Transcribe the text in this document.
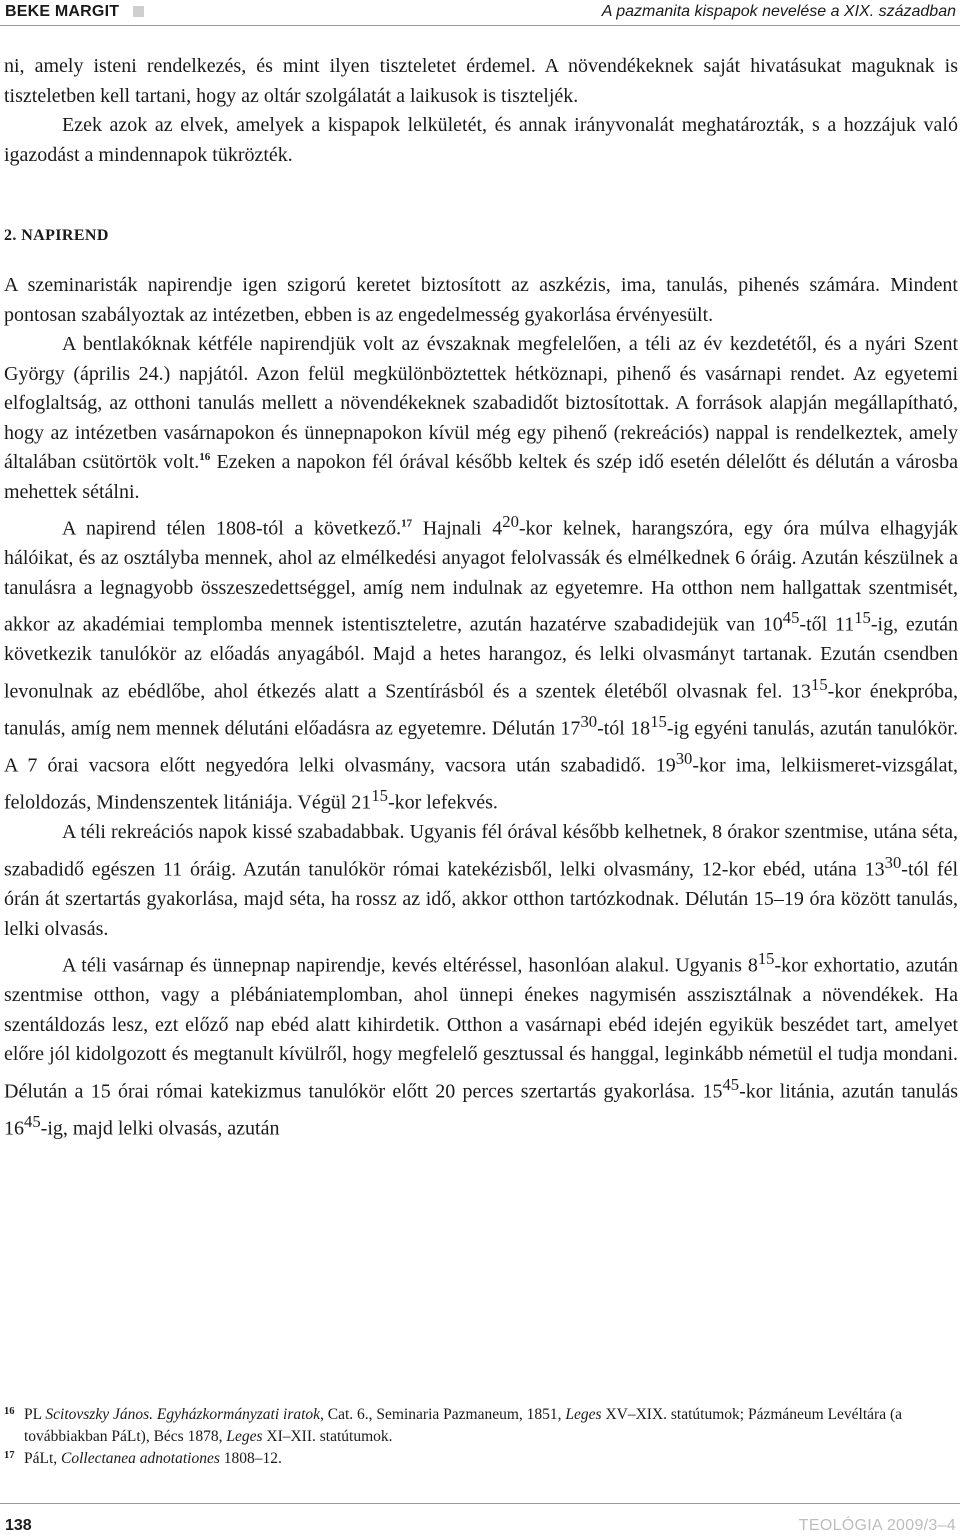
BEKE MARGIT	A pazmanita kispapok nevelése a XIX. században

ni, amely isteni rendelkezés, és mint ilyen tiszteletet érdemel. A növendékeknek saját hivatásukat maguknak is tiszteletben kell tartani, hogy az oltár szolgálatát a laikusok is tiszteljék.

Ezek azok az elvek, amelyek a kispapok lelkületét, és annak irányvonalát meghatározták, s a hozzájuk való igazodást a mindennapok tükrözték.

2. NAPIREND

A szeminaristák napirendje igen szigorú keretet biztosított az aszkézis, ima, tanulás, pihenés számára. Mindent pontosan szabályoztak az intézetben, ebben is az engedelmesség gyakorlása érvényesült.

A bentlakóknak kétféle napirendjük volt az évszaknak megfelelően, a téli az év kezdetétől, és a nyári Szent György (április 24.) napjától. Azon felül megkülönböztettek hétköznapi, pihenő és vasárnapi rendet. Az egyetemi elfoglaltság, az otthoni tanulás mellett a növendékeknek szabadidőt biztosítottak. A források alapján megállapítható, hogy az intézetben vasárnapokon és ünnepnapokon kívül még egy pihenő (rekreációs) nappal is rendelkeztek, amely általában csütörtök volt.$^{16}$ Ezeken a napokon fél órával később keltek és szép idő esetén délelőtt és délután a városba mehettek sétálni.

A napirend télen 1808-tól a következő.$^{17}$ Hajnali $4^{20}$-kor kelnek, harangszóra, egy óra múlva elhagyják hálóikat, és az osztályba mennek, ahol az elmélkedési anyagot felolvassák és elmélkednek 6 óráig. Azután készülnek a tanulásra a legnagyobb összeszedettséggel, amíg nem indulnak az egyetemre. Ha otthon nem hallgattak szentmisét, akkor az akadémiai templomba mennek istentiszteletre, azután hazatérve szabadidejük van $10^{45}$-től $11^{15}-ig$, ezután következik tanulókör az előadás anyagából. Majd a hetes harangoz, és lelki olvasmányt tartanak. Ezután csendben levonulnak az ebédlőbe, ahol étkezés alatt a Szentírásból és a szentek életéből olvasnak fel. $13^{15}$-kor énekpróba, tanulás, amíg nem mennek délutáni előadásra az egyetemre. Délután $17^{30}$-tól $18^{15}-ig$ egyéni tanulás, azután tanulókör. A 7 órai vacsora előtt negyedóra lelki olvasmány, vacsora után szabadidő. $19^{30}$-kor ima, lelkiismeret-vizsgálat, feloldozás, Mindenszentek litániája. Végül $21^{15}$-kor lefekvés.

A téli rekreációs napok kissé szabadabbak. Ugyanis fél órával később kelhetnek, 8 órakor szentmise, utána séta, szabadidő egészen 11 óráig. Azután tanulókör római katekézisből, lelki olvasmány, 12-kor ebéd, utána $13^{30}$-tól fél órán át szertartás gyakorlása, majd séta, ha rossz az idő, akkor otthon tartózkodnak. Délután 15–19 óra között tanulás, lelki olvasás.

A téli vasárnap és ünnepnap napirendje, kevés eltéréssel, hasonlóan alakul. Ugyanis $8^{15}$-kor exhortatio, azután szentmise otthon, vagy a plébániatemplomban, ahol ünnepi énekes nagymisén asszisztálnak a növendékek. Ha szentáldozás lesz, ezt előző nap ebéd alatt kihirdetik. Otthon a vasárnapi ebéd idején egyikük beszédet tart, amelyet előre jól kidolgozott és megtanult kívülről, hogy megfelelő gesztussal és hanggal, leginkább németül el tudja mondani. Délután a 15 órai római katekizmus tanulókör előtt 20 perces szertartás gyakorlása. $15^{45}$-kor litánia, azután tanulás $16^{45}-ig$, majd lelki olvasás, azután

16 PL Scitovszky János. Egyházkormányzati iratok, Cat. 6., Seminaria Pazmaneum, 1851, Leges XV–XIX. statútumok; Pázmáneum Levéltára (a továbbiakban PáLt), Bécs 1878, Leges XI–XII. statútumok.
17 PáLt, Collectanea adnotationes 1808–12.
138	TEOLÓGIA 2009/3–4
